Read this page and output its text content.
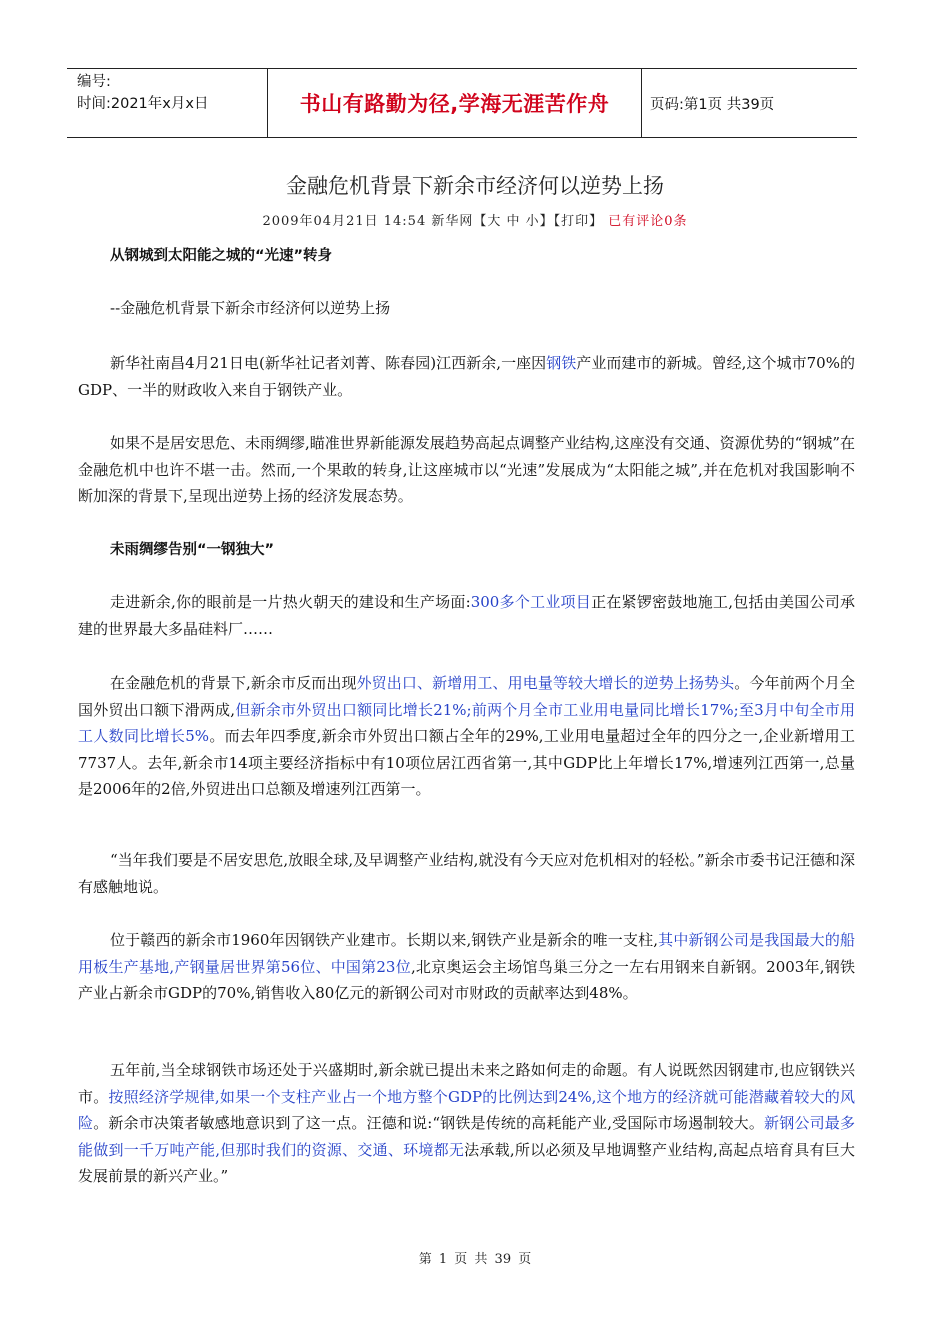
编号:
时间:2021年x月x日	书山有路勤为径,学海无涯苦作舟	页码:第1页 共39页
金融危机背景下新余市经济何以逆势上扬
2009年04月21日 14:54 新华网【大 中 小】【打印】 已有评论0条
从钢城到太阳能之城的“光速”转身
--金融危机背景下新余市经济何以逆势上扬
新华社南昌4月21日电(新华社记者刘菁、陈春园)江西新余,一座因钢铁产业而建市的新城。曾经,这个城市70%的GDP、一半的财政收入来自于钢铁产业。
如果不是居安思危、未雨绸缪,瞄准世界新能源发展趋势高起点调整产业结构,这座没有交通、资源优势的“钢城”在金融危机中也许不堪一击。然而,一个果敢的转身,让这座城市以“光速”发展成为“太阳能之城”,并在危机对我国影响不断加深的背景下,呈现出逆势上扬的经济发展态势。
未雨绸缪告别“一钢独大”
走进新余,你的眼前是一片热火朝天的建设和生产场面:300多个工业项目正在紧锣密鼓地施工,包括由美国公司承建的世界最大多晶硅料厂……
在金融危机的背景下,新余市反而出现外贸出口、新增用工、用电量等较大增长的逆势上扬势头。今年前两个月全国外贸出口额下滑两成,但新余市外贸出口额同比增长21%;前两个月全市工业用电量同比增长17%;至3月中旬全市用工人数同比增长5%。而去年四季度,新余市外贸出口额占全年的29%,工业用电量超过全年的四分之一,企业新增用工7737人。去年,新余市14项主要经济指标中有10项位居江西省第一,其中GDP比上年增长17%,增速列江西第一,总量是2006年的2倍,外贸进出口总额及增速列江西第一。
“当年我们要是不居安思危,放眼全球,及早调整产业结构,就没有今天应对危机相对的轻松。”新余市委书记汪德和深有感触地说。
位于赣西的新余市1960年因钢铁产业建市。长期以来,钢铁产业是新余的唯一支柱,其中新钢公司是我国最大的船用板生产基地,产钢量居世界第56位、中国第23位,北京奥运会主场馆鸟巢三分之一左右用钢来自新钢。2003年,钢铁产业占新余市GDP的70%,销售收入80亿元的新钢公司对市财政的贡献率达到48%。
五年前,当全球钢铁市场还处于兴盛期时,新余就已提出未来之路如何走的命题。有人说既然因钢建市,也应钢铁兴市。按照经济学规律,如果一个支柱产业占一个地方整个GDP的比例达到24%,这个地方的经济就可能潜藏着较大的风险。新余市决策者敏感地意识到了这一点。汪德和说:“钢铁是传统的高耗能产业,受国际市场遏制较大。新钢公司最多能做到一千万吨产能,但那时我们的资源、交通、环境都无法承载,所以必须及早地调整产业结构,高起点培育具有巨大发展前景的新兴产业。”
第 1 页 共 39 页
